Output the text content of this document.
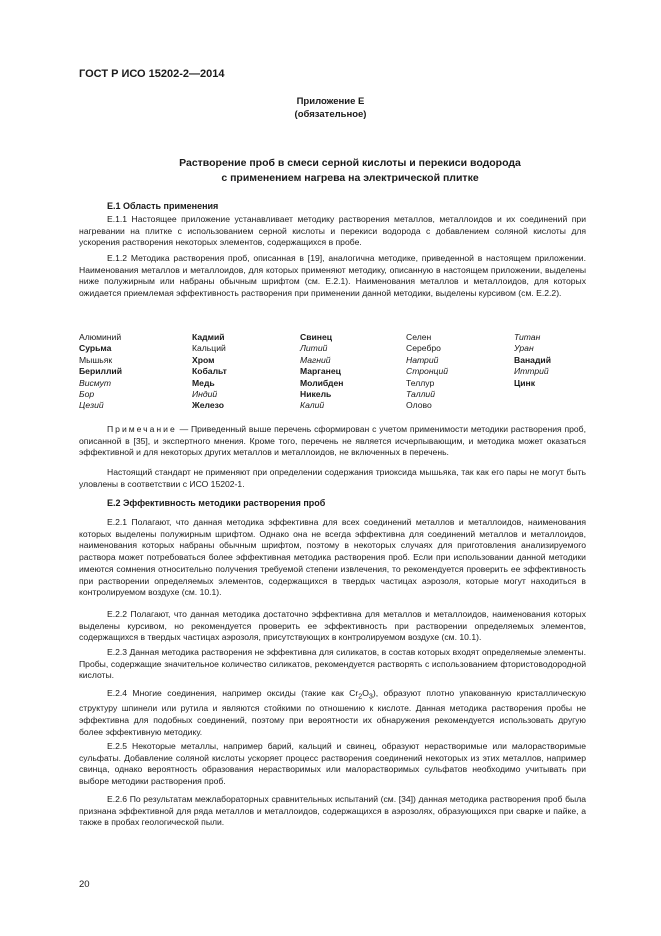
ГОСТ Р ИСО 15202-2—2014
Приложение Е
(обязательное)
Растворение проб в смеси серной кислоты и перекиси водорода
с применением нагрева на электрической плитке
Е.1 Область применения

Е.1.1 Настоящее приложение устанавливает методику растворения металлов, металлоидов и их соединений при нагревании на плитке с использованием серной кислоты и перекиси водорода с добавлением соляной кислоты для ускорения растворения некоторых элементов, содержащихся в пробе.

Е.1.2 Методика растворения проб, описанная в [19], аналогична методике, приведенной в настоящем приложении. Наименования металлов и металлоидов, для которых применяют методику, описанную в настоящем приложении, выделены ниже полужирным или набраны обычным шрифтом (см. Е.2.1). Наименования металлов и металлоидов, для которых ожидается приемлемая эффективность растворения при применении данной методики, выделены курсивом (см. Е.2.2).

Алюминий
Сурьма
Мышьяк
Бериллий
Висмут
Бор
Цезий
Кадмий
Кальций
Хром
Кобальт
Медь
Индий
Железо
Свинец
Литий
Магний
Марганец
Молибден
Никель
Калий
Селен
Серебро
Натрий
Стронций
Теллур
Таллий
Олово
Титан
Уран
Ванадий
Иттрий
Цинк

Примечание — Приведенный выше перечень сформирован с учетом применимости методики растворения проб, описанной в [35], и экспертного мнения. Кроме того, перечень не является исчерпывающим, и методика может оказаться эффективной и для некоторых других металлов и металлоидов, не включенных в перечень.

Настоящий стандарт не применяют при определении содержания триоксида мышьяка, так как его пары не могут быть уловлены в соответствии с ИСО 15202-1.

Е.2 Эффективность методики растворения проб

Е.2.1 Полагают, что данная методика эффективна для всех соединений металлов и металлоидов, наименования которых выделены полужирным шрифтом. Однако она не всегда эффективна для соединений металлов и металлоидов, наименования которых набраны обычным шрифтом, поэтому в некоторых случаях для приготовления анализируемого раствора может потребоваться более эффективная методика растворения проб. Если при использовании данной методики имеются сомнения относительно получения требуемой степени извлечения, то рекомендуется проверить ее эффективность при растворении определяемых элементов, содержащихся в твердых частицах аэрозоля, которые могут находиться в контролируемом воздухе (см. 10.1).

Е.2.2 Полагают, что данная методика достаточно эффективна для металлов и металлоидов, наименования которых выделены курсивом, но рекомендуется проверить ее эффективность при растворении определяемых элементов, содержащихся в твердых частицах аэрозоля, присутствующих в контролируемом воздухе (см. 10.1).

Е.2.3 Данная методика растворения не эффективна для силикатов, в состав которых входят определяемые элементы. Пробы, содержащие значительное количество силикатов, рекомендуется растворять с использованием фтористоводородной кислоты.

Е.2.4 Многие соединения, например оксиды (такие как $Cr_2O_3$), образуют плотно упакованную кристаллическую структуру шпинели или рутила и являются стойкими по отношению к кислоте. Данная методика растворения пробы не эффективна для подобных соединений, поэтому при вероятности их обнаружения рекомендуется использовать другую более эффективную методику.

Е.2.5 Некоторые металлы, например барий, кальций и свинец, образуют нерастворимые или малорастворимые сульфаты. Добавление соляной кислоты ускоряет процесс растворения соединений некоторых из этих металлов, например свинца, однако вероятность образования нерастворимых или малорастворимых сульфатов необходимо учитывать при выборе методики растворения проб.

Е.2.6 По результатам межлабораторных сравнительных испытаний (см. [34]) данная методика растворения проб была признана эффективной для ряда металлов и металлоидов, содержащихся в аэрозолях, образующихся при сварке и пайке, а также в пробах геологической пыли.

20
